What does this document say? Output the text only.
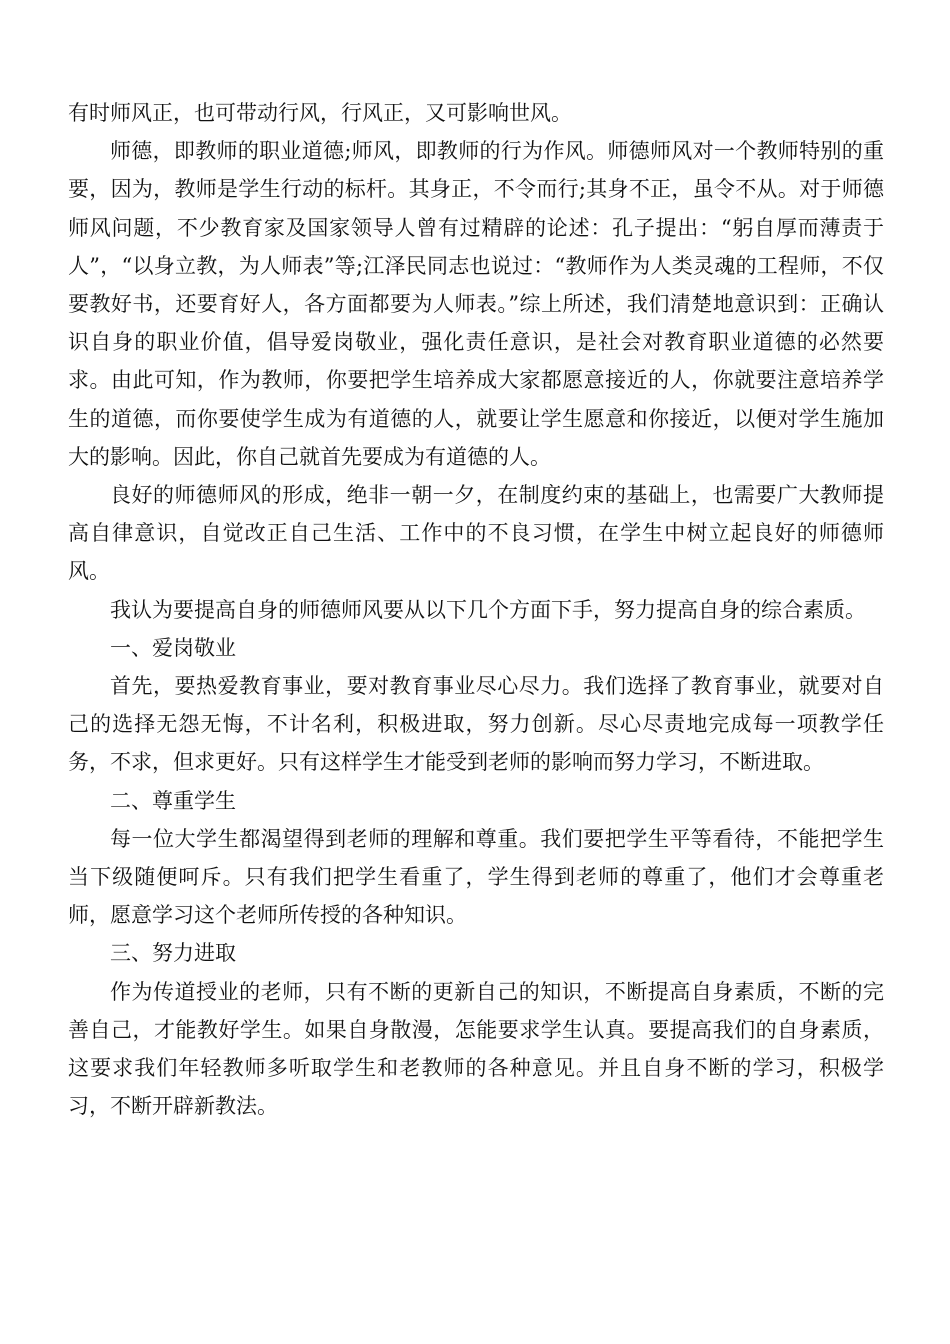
有时师风正，也可带动行风，行风正，又可影响世风。

师德，即教师的职业道德;师风，即教师的行为作风。师德师风对一个教师特别的重要，因为，教师是学生行动的标杆。其身正，不令而行;其身不正，虽令不从。对于师德师风问题，不少教育家及国家领导人曾有过精辟的论述：孔子提出：“躬自厚而薄责于人”，“以身立教，为人师表”等;江泽民同志也说过：“教师作为人类灵魂的工程师，不仅要教好书，还要育好人，各方面都要为人师表。”综上所述，我们清楚地意识到：正确认识自身的职业价值，倡导爱岗敬业，强化责任意识，是社会对教育职业道德的必然要求。由此可知，作为教师，你要把学生培养成大家都愿意接近的人，你就要注意培养学生的道德，而你要使学生成为有道德的人，就要让学生愿意和你接近，以便对学生施加大的影响。因此，你自己就首先要成为有道德的人。

良好的师德师风的形成，绝非一朝一夕，在制度约束的基础上，也需要广大教师提高自律意识，自觉改正自己生活、工作中的不良习惯，在学生中树立起良好的师德师风。

我认为要提高自身的师德师风要从以下几个方面下手，努力提高自身的综合素质。

一、爱岗敬业

首先，要热爱教育事业，要对教育事业尽心尽力。我们选择了教育事业，就要对自己的选择无怨无悔，不计名利，积极进取，努力创新。尽心尽责地完成每一项教学任务，不求，但求更好。只有这样学生才能受到老师的影响而努力学习，不断进取。

二、尊重学生

每一位大学生都渴望得到老师的理解和尊重。我们要把学生平等看待，不能把学生当下级随便呵斥。只有我们把学生看重了，学生得到老师的尊重了，他们才会尊重老师，愿意学习这个老师所传授的各种知识。

三、努力进取

作为传道授业的老师，只有不断的更新自己的知识，不断提高自身素质，不断的完善自己，才能教好学生。如果自身散漫，怎能要求学生认真。要提高我们的自身素质，这要求我们年轻教师多听取学生和老教师的各种意见。并且自身不断的学习，积极学习，不断开辟新教法。
